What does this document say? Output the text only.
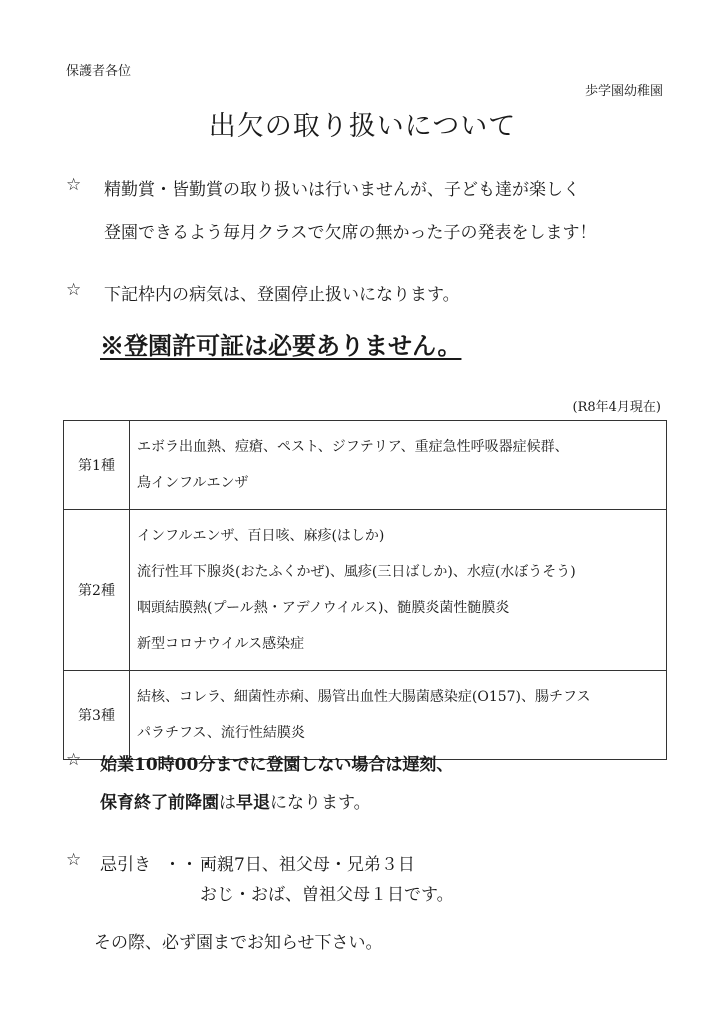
保護者各位
歩学園幼稚園
出欠の取り扱いについて
☆ 精勤賞・皆勤賞の取り扱いは行いませんが、子ども達が楽しく
登園できるよう毎月クラスで欠席の無かった子の発表をします！
☆ 下記枠内の病気は、登園停止扱いになります。
※登園許可証は必要ありません。
(R8年4月現在)
第1種	エボラ出血熱、痘瘡、ペスト、ジフテリア、重症急性呼吸器症候群、
鳥インフルエンザ

第2種	インフルエンザ、百日咳、麻疹(はしか)
流行性耳下腺炎(おたふくかぜ)、風疹(三日ばしか)、水痘(水ぼうそう)
咽頭結膜熱(プール熱・アデノウイルス)、髄膜炎菌性髄膜炎
新型コロナウイルス感染症

第3種	結核、コレラ、細菌性赤痢、腸管出血性大腸菌感染症(O157)、腸チフス
パラチフス、流行性結膜炎
☆ 始業10時00分までに登園しない場合は遅刻、
保育終了前降園は早退になります。
☆ 忌引き ・・・
両親7日、祖父母・兄弟３日
おじ・おば、曽祖父母１日です。
その際、必ず園までお知らせ下さい。
